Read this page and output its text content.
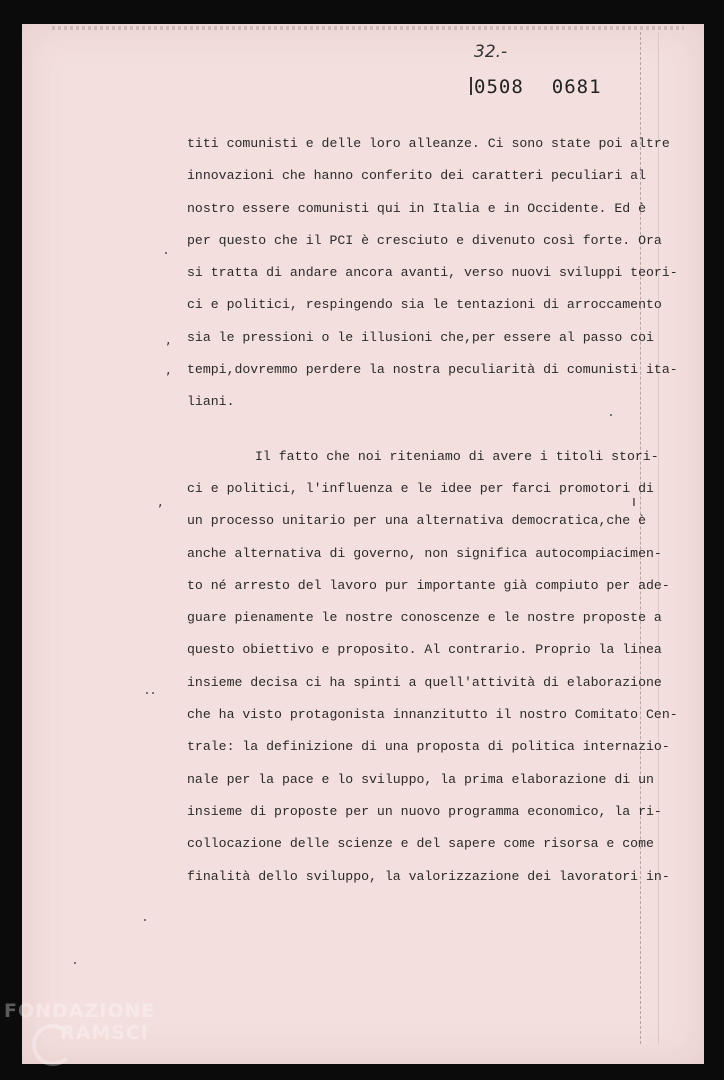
32.-
0508 0681
,
,
,	ı
titi comunisti e delle loro alleanze. Ci sono state poi altre
innovazioni che hanno conferito dei caratteri peculiari al
nostro essere comunisti qui in Italia e in Occidente. Ed è
per questo che il PCI è cresciuto e divenuto così forte. Ora
si tratta di andare ancora avanti, verso nuovi sviluppi teori-
ci e politici, respingendo sia le tentazioni di arroccamento
sia le pressioni o le illusioni che,per essere al passo coi
tempi,dovremmo perdere la nostra peculiarità di comunisti ita-
liani.
Il fatto che noi riteniamo di avere i titoli stori-
ci e politici, l'influenza e le idee per farci promotori di
un processo unitario per una alternativa democratica,che è
anche alternativa di governo, non significa autocompiacimen-
to né arresto del lavoro pur importante già compiuto per ade-
guare pienamente le nostre conoscenze e le nostre proposte a
questo obiettivo e proposito. Al contrario. Proprio la linea
insieme decisa ci ha spinti a quell'attività di elaborazione
che ha visto protagonista innanzitutto il nostro Comitato Cen-
trale: la definizione di una proposta di politica internazio-
nale per la pace e lo sviluppo, la prima elaborazione di un
insieme di proposte per un nuovo programma economico, la ri-
collocazione delle scienze e del sapere come risorsa e come
finalità dello sviluppo, la valorizzazione dei lavoratori in-
FONDAZIONE
RAMSCI
